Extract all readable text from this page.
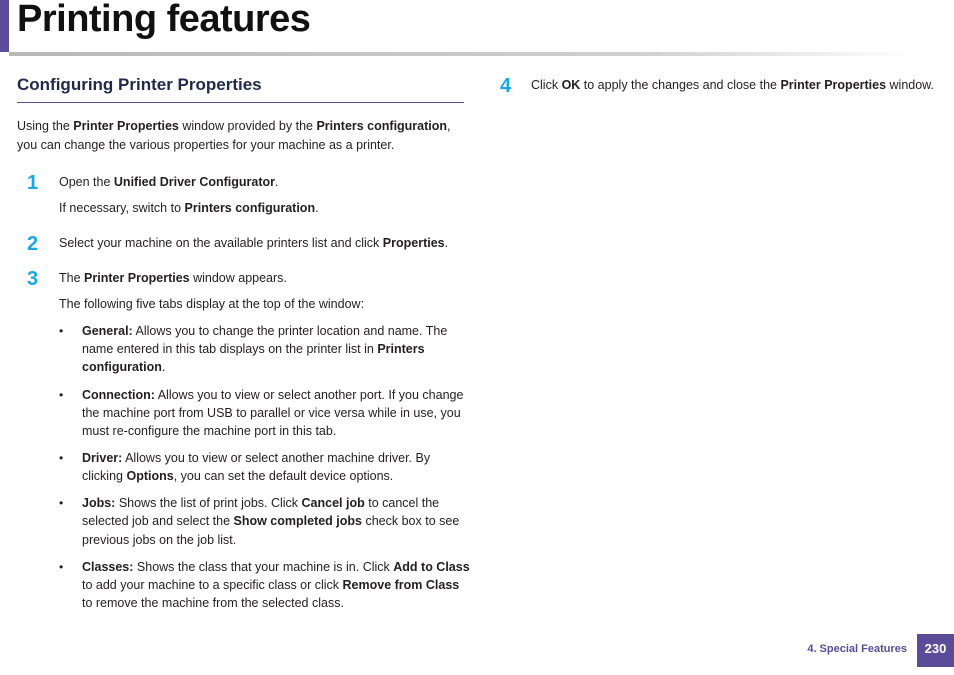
Printing features
Configuring Printer Properties

Using the Printer Properties window provided by the Printers configuration,

you can change the various properties for your machine as a printer.

1 Open the Unified Driver Configurator.

If necessary, switch to Printers configuration.

2 Select your machine on the available printers list and click Properties.

3 The Printer Properties window appears.

The following five tabs display at the top of the window:

• General: Allows you to change the printer location and name. The

name entered in this tab displays on the printer list in Printers

configuration.

• Connection: Allows you to view or select another port. If you change

the machine port from USB to parallel or vice versa while in use, you

must re-configure the machine port in this tab.

• Driver: Allows you to view or select another machine driver. By

clicking Options, you can set the default device options.

• Jobs: Shows the list of print jobs. Click Cancel job to cancel the

selected job and select the Show completed jobs check box to see

previous jobs on the job list.

• Classes: Shows the class that your machine is in. Click Add to Class

to add your machine to a specific class or click Remove from Class

to remove the machine from the selected class.

4 Click OK to apply the changes and close the Printer Properties window.

4. Special Features	230
